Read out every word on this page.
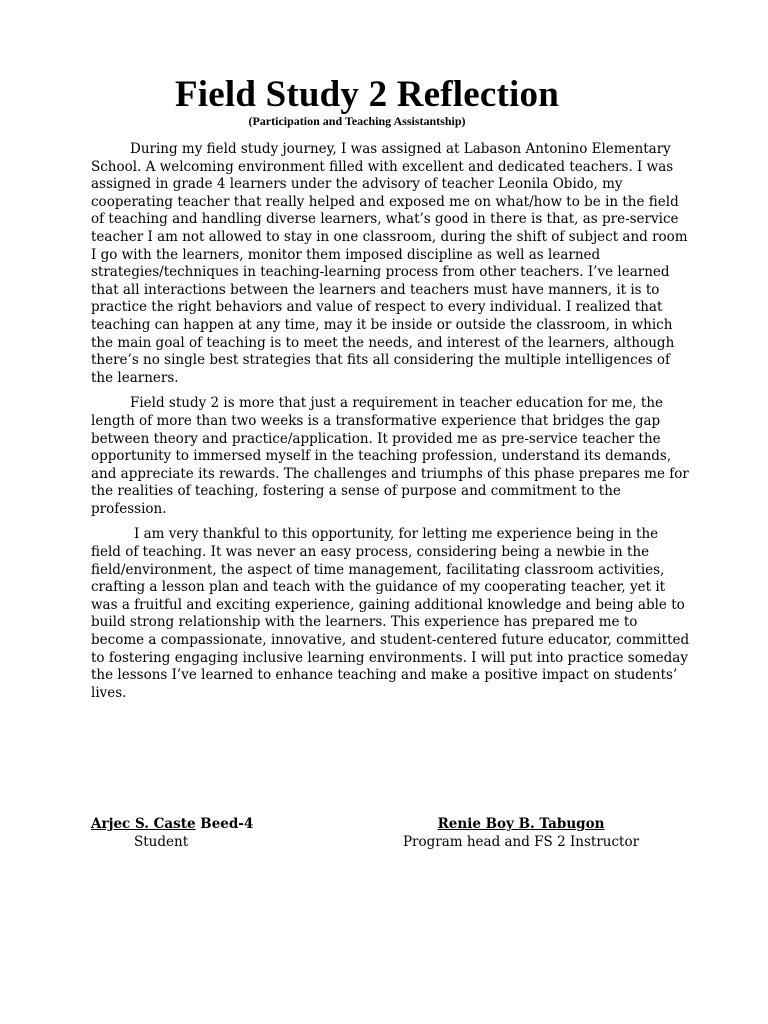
Field Study 2 Reflection
(Participation and Teaching Assistantship)

During my field study journey, I was assigned at Labason Antonino Elementary School. A welcoming environment filled with excellent and dedicated teachers. I was assigned in grade 4 learners under the advisory of teacher Leonila Obido, my cooperating teacher that really helped and exposed me on what/how to be in the field of teaching and handling diverse learners, what’s good in there is that, as pre-service teacher I am not allowed to stay in one classroom, during the shift of subject and room I go with the learners, monitor them imposed discipline as well as learned strategies/techniques in teaching-learning process from other teachers. I’ve learned that all interactions between the learners and teachers must have manners, it is to practice the right behaviors and value of respect to every individual. I realized that teaching can happen at any time, may it be inside or outside the classroom, in which the main goal of teaching is to meet the needs, and interest of the learners, although there’s no single best strategies that fits all considering the multiple intelligences of the learners.

Field study 2 is more that just a requirement in teacher education for me, the length of more than two weeks is a transformative experience that bridges the gap between theory and practice/application. It provided me as pre-service teacher the opportunity to immersed myself in the teaching profession, understand its demands, and appreciate its rewards. The challenges and triumphs of this phase prepares me for the realities of teaching, fostering a sense of purpose and commitment to the profession.

I am very thankful to this opportunity, for letting me experience being in the field of teaching. It was never an easy process, considering being a newbie in the field/environment, the aspect of time management, facilitating classroom activities, crafting a lesson plan and teach with the guidance of my cooperating teacher, yet it was a fruitful and exciting experience, gaining additional knowledge and being able to build strong relationship with the learners. This experience has prepared me to become a compassionate, innovative, and student-centered future educator, committed to fostering engaging inclusive learning environments. I will put into practice someday the lessons I’ve learned to enhance teaching and make a positive impact on students’ lives.

Arjec S. Caste Beed-4
Student
Renie Boy B. Tabugon
Program head and FS 2 Instructor
